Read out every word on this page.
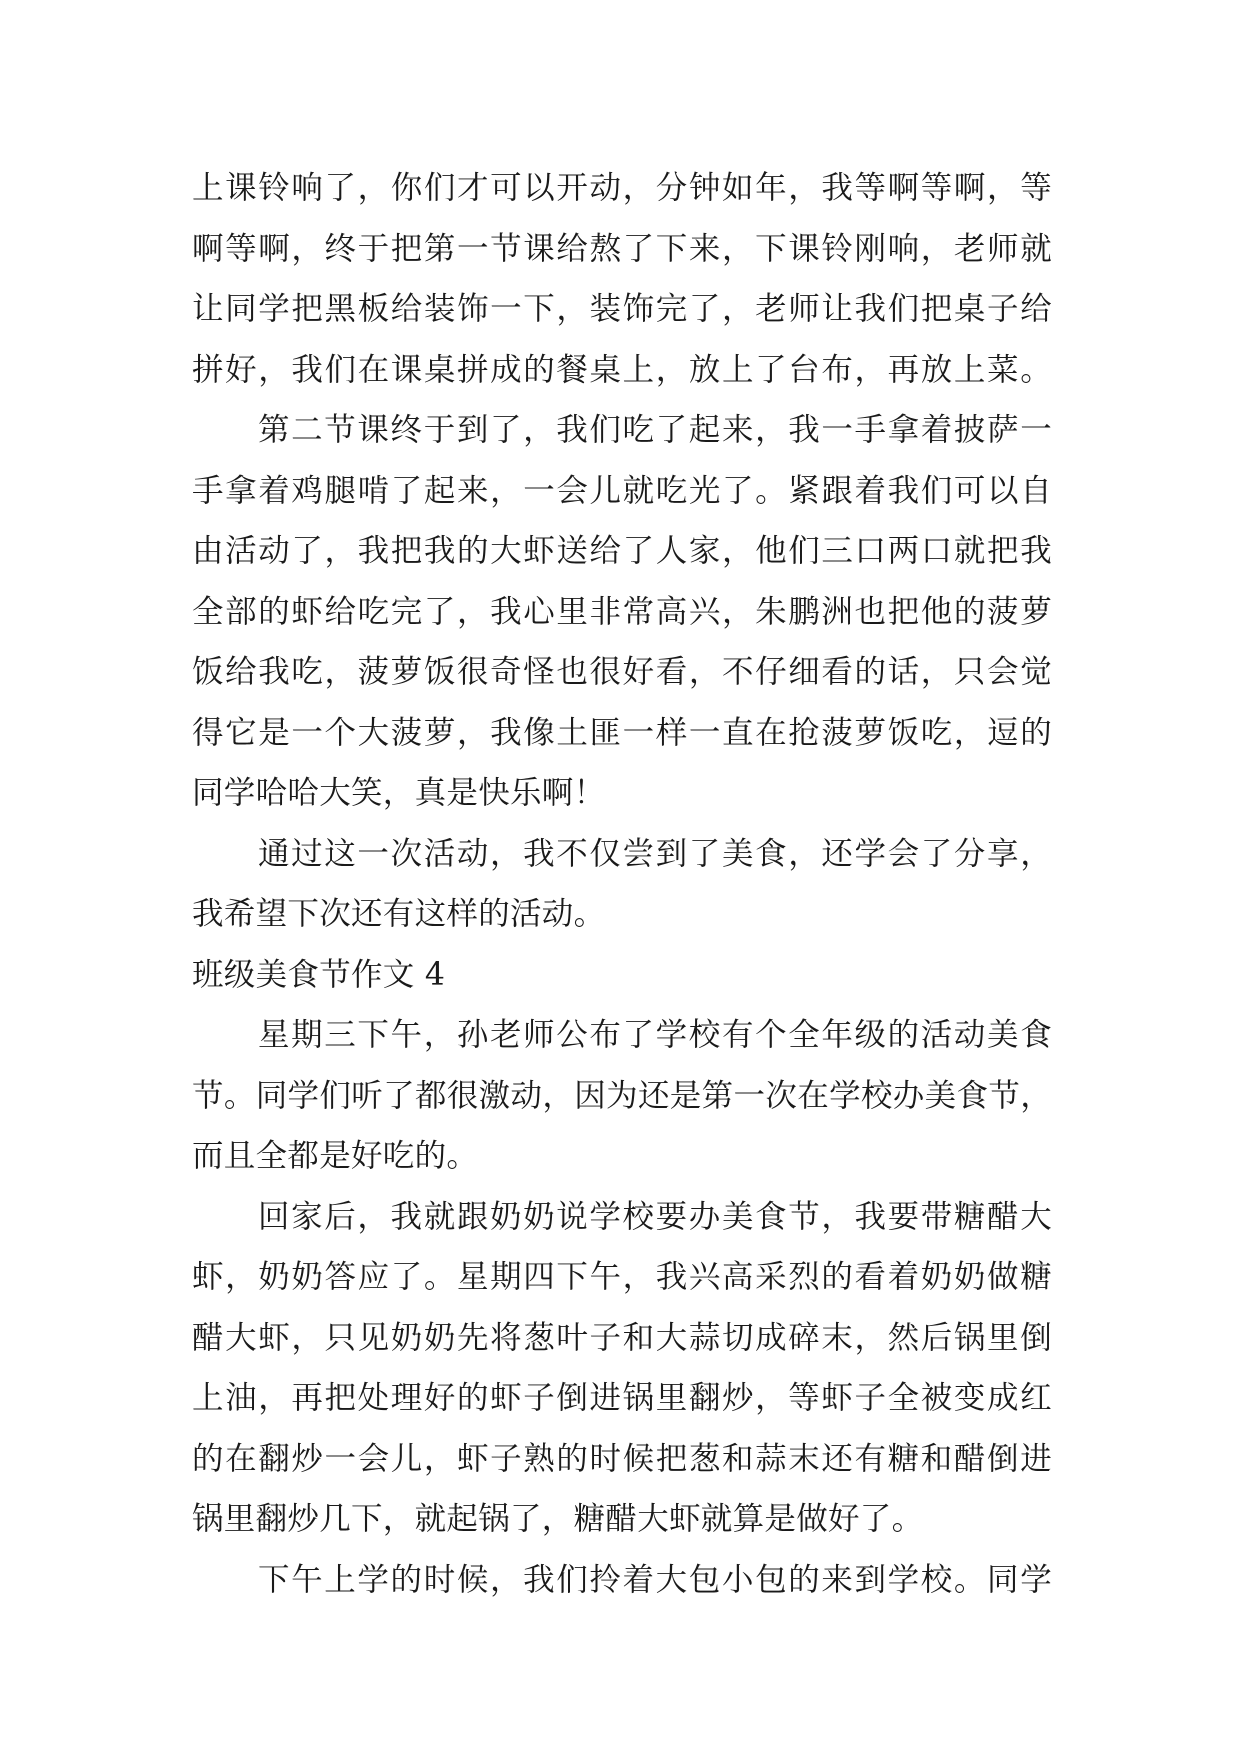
上课铃响了，你们才可以开动，分钟如年，我等啊等啊，等
啊等啊，终于把第一节课给熬了下来，下课铃刚响，老师就
让同学把黑板给装饰一下，装饰完了，老师让我们把桌子给
拼好，我们在课桌拼成的餐桌上，放上了台布，再放上菜。
第二节课终于到了，我们吃了起来，我一手拿着披萨一
手拿着鸡腿啃了起来，一会儿就吃光了。紧跟着我们可以自
由活动了，我把我的大虾送给了人家，他们三口两口就把我
全部的虾给吃完了，我心里非常高兴，朱鹏洲也把他的菠萝
饭给我吃，菠萝饭很奇怪也很好看，不仔细看的话，只会觉
得它是一个大菠萝，我像土匪一样一直在抢菠萝饭吃，逗的
同学哈哈大笑，真是快乐啊！
通过这一次活动，我不仅尝到了美食，还学会了分享，
我希望下次还有这样的活动。
班级美食节作文 4
星期三下午，孙老师公布了学校有个全年级的活动美食
节。同学们听了都很激动，因为还是第一次在学校办美食节，
而且全都是好吃的。
回家后，我就跟奶奶说学校要办美食节，我要带糖醋大
虾，奶奶答应了。星期四下午，我兴高采烈的看着奶奶做糖
醋大虾，只见奶奶先将葱叶子和大蒜切成碎末，然后锅里倒
上油，再把处理好的虾子倒进锅里翻炒，等虾子全被变成红
的在翻炒一会儿，虾子熟的时候把葱和蒜末还有糖和醋倒进
锅里翻炒几下，就起锅了，糖醋大虾就算是做好了。
下午上学的时候，我们拎着大包小包的来到学校。同学
